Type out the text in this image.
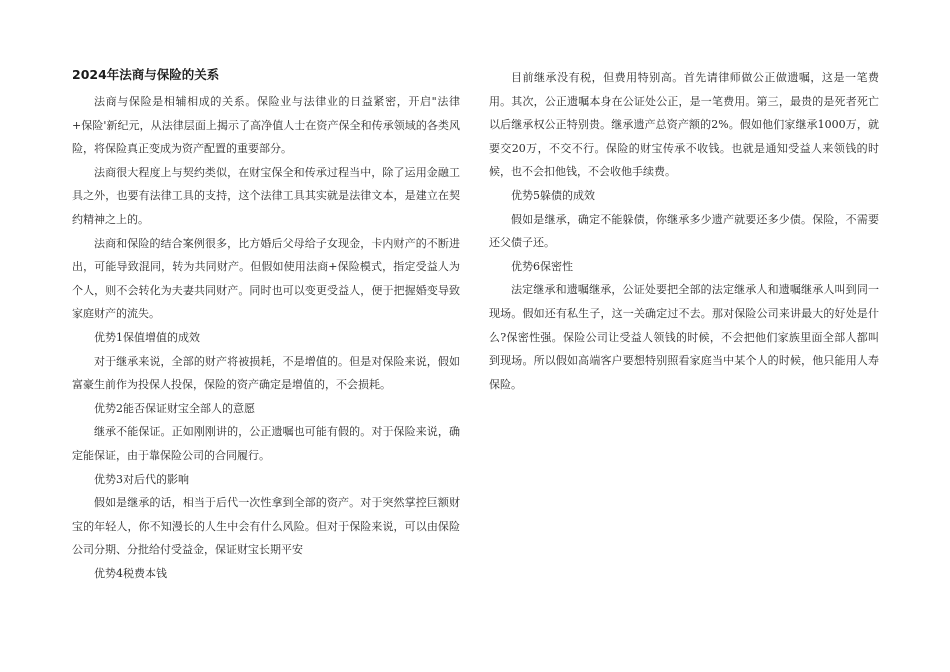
2024年法商与保险的关系

法商与保险是相辅相成的关系。保险业与法律业的日益紧密，开启"法律+保险'新纪元，从法律层面上揭示了高净值人士在资产保全和传承领域的各类风险，将保险真正变成为资产配置的重要部分。

法商很大程度上与契约类似，在财宝保全和传承过程当中，除了运用金融工具之外，也要有法律工具的支持，这个法律工具其实就是法律文本，是建立在契约精神之上的。

法商和保险的结合案例很多，比方婚后父母给子女现金，卡内财产的不断进出，可能导致混同，转为共同财产。但假如使用法商+保险模式，指定受益人为个人，则不会转化为夫妻共同财产。同时也可以变更受益人，便于把握婚变导致家庭财产的流失。

优势1保值增值的成效

对于继承来说，全部的财产将被损耗，不是增值的。但是对保险来说，假如富豪生前作为投保人投保，保险的资产确定是增值的，不会损耗。

优势2能否保证财宝全部人的意愿

继承不能保证。正如刚刚讲的，公正遗嘱也可能有假的。对于保险来说，确定能保证，由于靠保险公司的合同履行。

优势3对后代的影响

假如是继承的话，相当于后代一次性拿到全部的资产。对于突然掌控巨额财宝的年轻人，你不知漫长的人生中会有什么风险。但对于保险来说，可以由保险公司分期、分批给付受益金，保证财宝长期平安

优势4税费本钱

目前继承没有税，但费用特别高。首先请律师做公正做遗嘱，这是一笔费用。其次，公正遗嘱本身在公证处公正，是一笔费用。第三，最贵的是死者死亡以后继承权公正特别贵。继承遗产总资产额的2%。假如他们家继承1000万，就要交20万，不交不行。保险的财宝传承不收钱。也就是通知受益人来领钱的时候，也不会扣他钱，不会收他手续费。

优势5躲债的成效

假如是继承，确定不能躲债，你继承多少遗产就要还多少债。保险，不需要还父债子还。

优势6保密性

法定继承和遗嘱继承，公证处要把全部的法定继承人和遗嘱继承人叫到同一现场。假如还有私生子，这一关确定过不去。那对保险公司来讲最大的好处是什么?保密性强。保险公司让受益人领钱的时候，不会把他们家族里面全部人都叫到现场。所以假如高端客户要想特别照看家庭当中某个人的时候，他只能用人寿保险。
